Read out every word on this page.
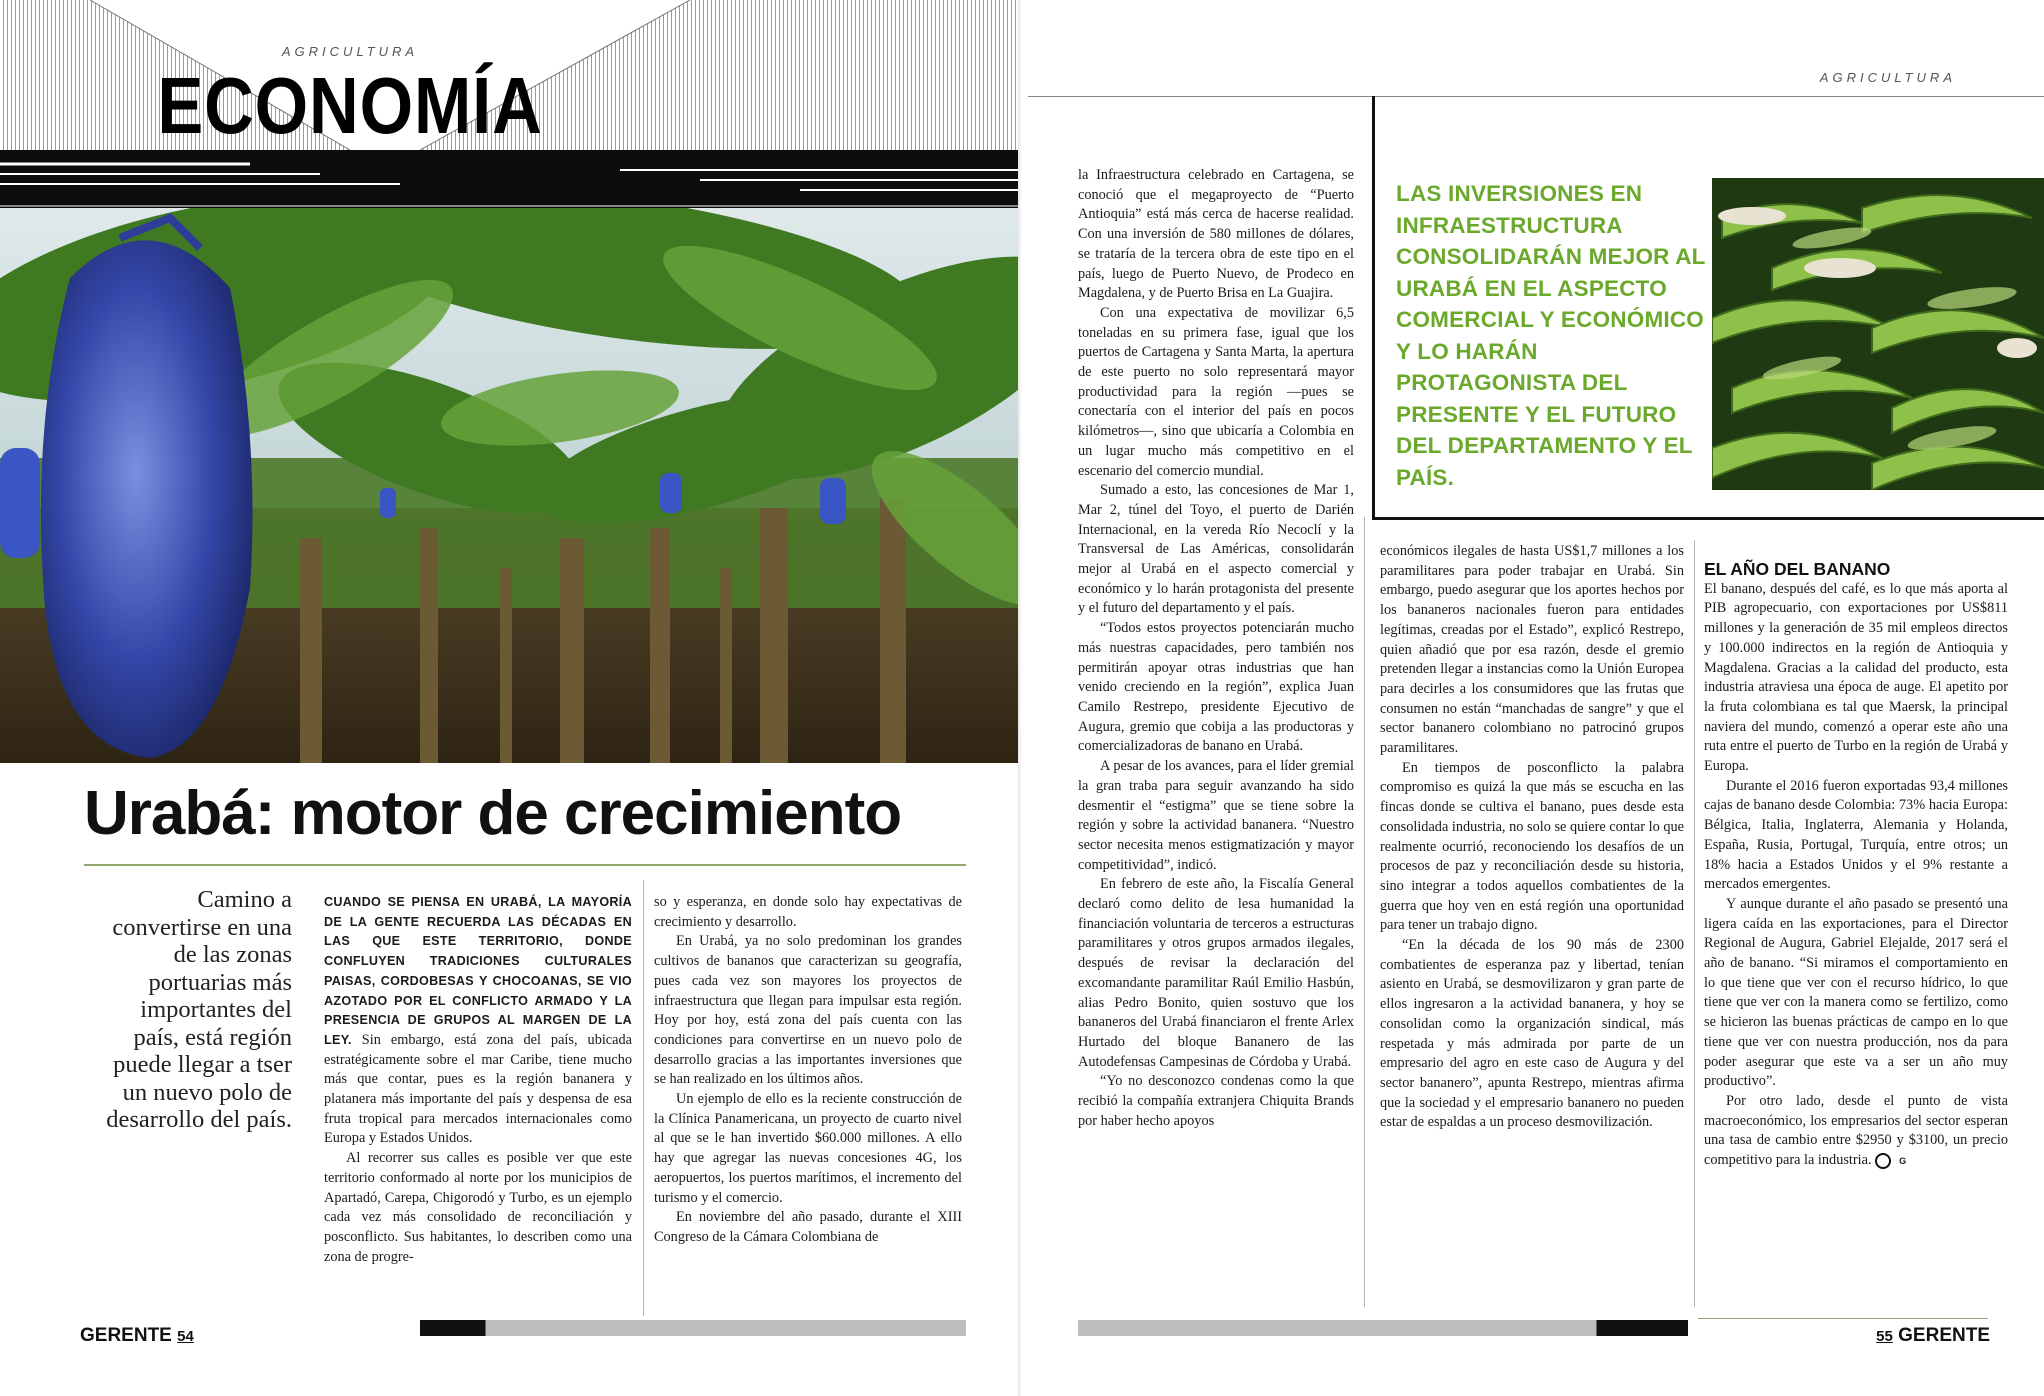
AGRICULTURA
ECONOMÍA
Urabá: motor de crecimiento
Camino a convertirse en una de las zonas portuarias más importantes del país, está región puede llegar a tser un nuevo polo de desarrollo del país.

CUANDO SE PIENSA EN URABÁ, LA MAYORÍA DE LA GENTE RECUERDA LAS DÉCADAS EN LAS QUE ESTE TERRITORIO, DONDE CONFLUYEN TRADICIONES CULTURALES PAISAS, CORDOBESAS Y CHOCOANAS, SE VIO AZOTADO POR EL CONFLICTO ARMADO Y LA PRESENCIA DE GRUPOS AL MARGEN DE LA LEY. Sin embargo, está zona del país, ubicada estratégicamente sobre el mar Caribe, tiene mucho más que contar, pues es la región bananera y platanera más importante del país y despensa de esa fruta tropical para mercados internacionales como Europa y Estados Unidos.

Al recorrer sus calles es posible ver que este territorio conformado al norte por los municipios de Apartadó, Carepa, Chigorodó y Turbo, es un ejemplo cada vez más consolidado de reconciliación y posconflicto. Sus habitantes, lo describen como una zona de progre-

so y esperanza, en donde solo hay expectativas de crecimiento y desarrollo.

En Urabá, ya no solo predominan los grandes cultivos de bananos que caracterizan su geografía, pues cada vez son mayores los proyectos de infraestructura que llegan para impulsar esta región. Hoy por hoy, está zona del país cuenta con las condiciones para convertirse en un nuevo polo de desarrollo gracias a las importantes inversiones que se han realizado en los últimos años.

Un ejemplo de ello es la reciente construcción de la Clínica Panamericana, un proyecto de cuarto nivel al que se le han invertido $60.000 millones. A ello hay que agregar las nuevas concesiones 4G, los aeropuertos, los puertos marítimos, el incremento del turismo y el comercio.

En noviembre del año pasado, durante el XIII Congreso de la Cámara Colombiana de

GERENTE 54
AGRICULTURA
LAS INVERSIONES EN INFRAESTRUCTURA CONSOLIDARÁN MEJOR AL URABÁ EN EL ASPECTO COMERCIAL Y ECONÓMICO Y LO HARÁN PROTAGONISTA DEL PRESENTE Y EL FUTURO DEL DEPARTAMENTO Y EL PAÍS.

la Infraestructura celebrado en Cartagena, se conoció que el megaproyecto de “Puerto Antioquia” está más cerca de hacerse realidad. Con una inversión de 580 millones de dólares, se trataría de la tercera obra de este tipo en el país, luego de Puerto Nuevo, de Prodeco en Magdalena, y de Puerto Brisa en La Guajira.

Con una expectativa de movilizar 6,5 toneladas en su primera fase, igual que los puertos de Cartagena y Santa Marta, la apertura de este puerto no solo representará mayor productividad para la región —pues se conectaría con el interior del país en pocos kilómetros—, sino que ubicaría a Colombia en un lugar mucho más competitivo en el escenario del comercio mundial.

Sumado a esto, las concesiones de Mar 1, Mar 2, túnel del Toyo, el puerto de Darién Internacional, en la vereda Río Necoclí y la Transversal de Las Américas, consolidarán mejor al Urabá en el aspecto comercial y económico y lo harán protagonista del presente y el futuro del departamento y el país.

“Todos estos proyectos potenciarán mucho más nuestras capacidades, pero también nos permitirán apoyar otras industrias que han venido creciendo en la región”, explica Juan Camilo Restrepo, presidente Ejecutivo de Augura, gremio que cobija a las productoras y comercializadoras de banano en Urabá.

A pesar de los avances, para el líder gremial la gran traba para seguir avanzando ha sido desmentir el “estigma” que se tiene sobre la región y sobre la actividad bananera. “Nuestro sector necesita menos estigmatización y mayor competitividad”, indicó.

En febrero de este año, la Fiscalía General declaró como delito de lesa humanidad la financiación voluntaria de terceros a estructuras paramilitares y otros grupos armados ilegales, después de revisar la declaración del excomandante paramilitar Raúl Emilio Hasbún, alias Pedro Bonito, quien sostuvo que los bananeros del Urabá financiaron el frente Arlex Hurtado del bloque Bananero de las Autodefensas Campesinas de Córdoba y Urabá.

“Yo no desconozco condenas como la que recibió la compañía extranjera Chiquita Brands por haber hecho apoyos

económicos ilegales de hasta US$1,7 millones a los paramilitares para poder trabajar en Urabá. Sin embargo, puedo asegurar que los aportes hechos por los bananeros nacionales fueron para entidades legítimas, creadas por el Estado”, explicó Restrepo, quien añadió que por esa razón, desde el gremio pretenden llegar a instancias como la Unión Europea para decirles a los consumidores que las frutas que consumen no están “manchadas de sangre” y que el sector bananero colombiano no patrocinó grupos paramilitares.

En tiempos de posconflicto la palabra compromiso es quizá la que más se escucha en las fincas donde se cultiva el banano, pues desde esta consolidada industria, no solo se quiere contar lo que realmente ocurrió, reconociendo los desafíos de un procesos de paz y reconciliación desde su historia, sino integrar a todos aquellos combatientes de la guerra que hoy ven en está región una oportunidad para tener un trabajo digno.

“En la década de los 90 más de 2300 combatientes de esperanza paz y libertad, tenían asiento en Urabá, se desmovilizaron y gran parte de ellos ingresaron a la actividad bananera, y hoy se consolidan como la organización sindical, más respetada y más admirada por parte de un empresario del agro en este caso de Augura y del sector bananero”, apunta Restrepo, mientras afirma que la sociedad y el empresario bananero no pueden estar de espaldas a un proceso desmovilización.

EL AÑO DEL BANANO

El banano, después del café, es lo que más aporta al PIB agropecuario, con exportaciones por US$811 millones y la generación de 35 mil empleos directos y 100.000 indirectos en la región de Antioquia y Magdalena. Gracias a la calidad del producto, esta industria atraviesa una época de auge. El apetito por la fruta colombiana es tal que Maersk, la principal naviera del mundo, comenzó a operar este año una ruta entre el puerto de Turbo en la región de Urabá y Europa.

Durante el 2016 fueron exportadas 93,4 millones cajas de banano desde Colombia: 73% hacia Europa: Bélgica, Italia, Inglaterra, Alemania y Holanda, España, Rusia, Portugal, Turquía, entre otros; un 18% hacia a Estados Unidos y el 9% restante a mercados emergentes.

Y aunque durante el año pasado se presentó una ligera caída en las exportaciones, para el Director Regional de Augura, Gabriel Elejalde, 2017 será el año de banano. “Si miramos el comportamiento en lo que tiene que ver con el recurso hídrico, lo que tiene que ver con la manera como se fertilizo, como se hicieron las buenas prácticas de campo en lo que tiene que ver con nuestra producción, nos da para poder asegurar que este va a ser un año muy productivo”.

Por otro lado, desde el punto de vista macroeconómico, los empresarios del sector esperan una tasa de cambio entre $2950 y $3100, un precio competitivo para la industria.	G

55 GERENTE
